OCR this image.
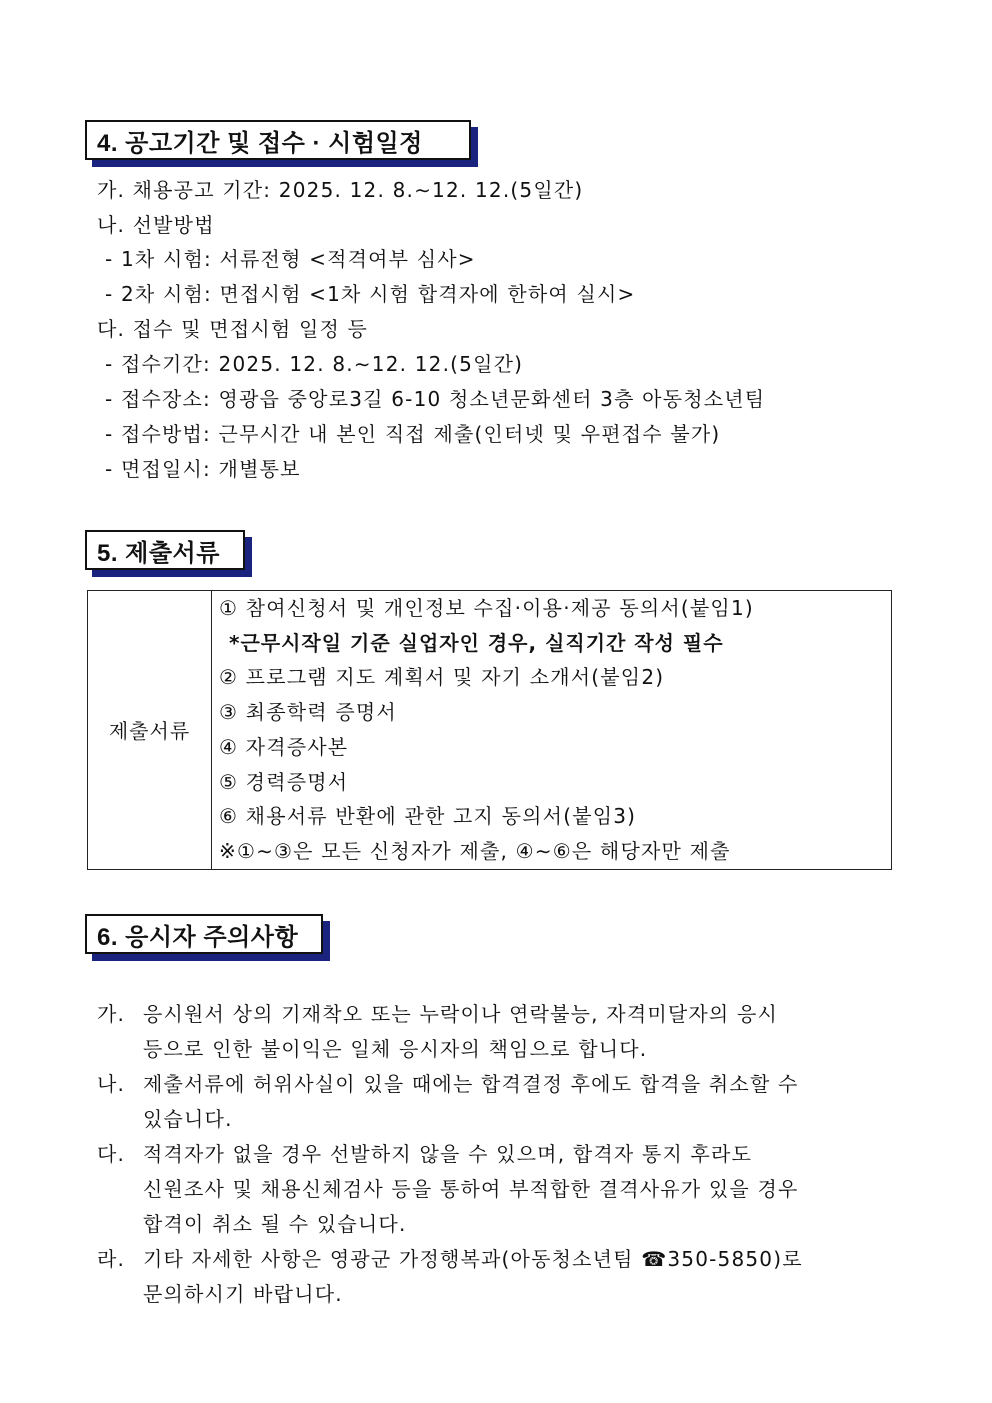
4. 공고기간 및 접수 · 시험일정
가. 채용공고 기간: 2025. 12. 8.∼12. 12.(5일간)
나. 선발방법
- 1차 시험: 서류전형 <적격여부 심사>
- 2차 시험: 면접시험 <1차 시험 합격자에 한하여 실시>
다. 접수 및 면접시험 일정 등
- 접수기간: 2025. 12. 8.∼12. 12.(5일간)
- 접수장소: 영광읍 중앙로3길 6-10 청소년문화센터 3층 아동청소년팀
- 접수방법: 근무시간 내 본인 직접 제출(인터넷 및 우편접수 불가)
- 면접일시: 개별통보
5. 제출서류
제출서류	
① 참여신청서 및 개인정보 수집·이용·제공 동의서(붙임1)
*근무시작일 기준 실업자인 경우, 실직기간 작성 필수
② 프로그램 지도 계획서 및 자기 소개서(붙임2)
③ 최종학력 증명서
④ 자격증사본
⑤ 경력증명서
⑥ 채용서류 반환에 관한 고지 동의서(붙임3)
※①∼③은 모든 신청자가 제출, ④∼⑥은 해당자만 제출
6. 응시자 주의사항
가. 응시원서 상의 기재착오 또는 누락이나 연락불능, 자격미달자의 응시
등으로 인한 불이익은 일체 응시자의 책임으로 합니다.
나. 제출서류에 허위사실이 있을 때에는 합격결정 후에도 합격을 취소할 수
있습니다.
다. 적격자가 없을 경우 선발하지 않을 수 있으며, 합격자 통지 후라도
신원조사 및 채용신체검사 등을 통하여 부적합한 결격사유가 있을 경우
합격이 취소 될 수 있습니다.
라. 기타 자세한 사항은 영광군 가정행복과(아동청소년팀 ☎350-5850)로
문의하시기 바랍니다.
